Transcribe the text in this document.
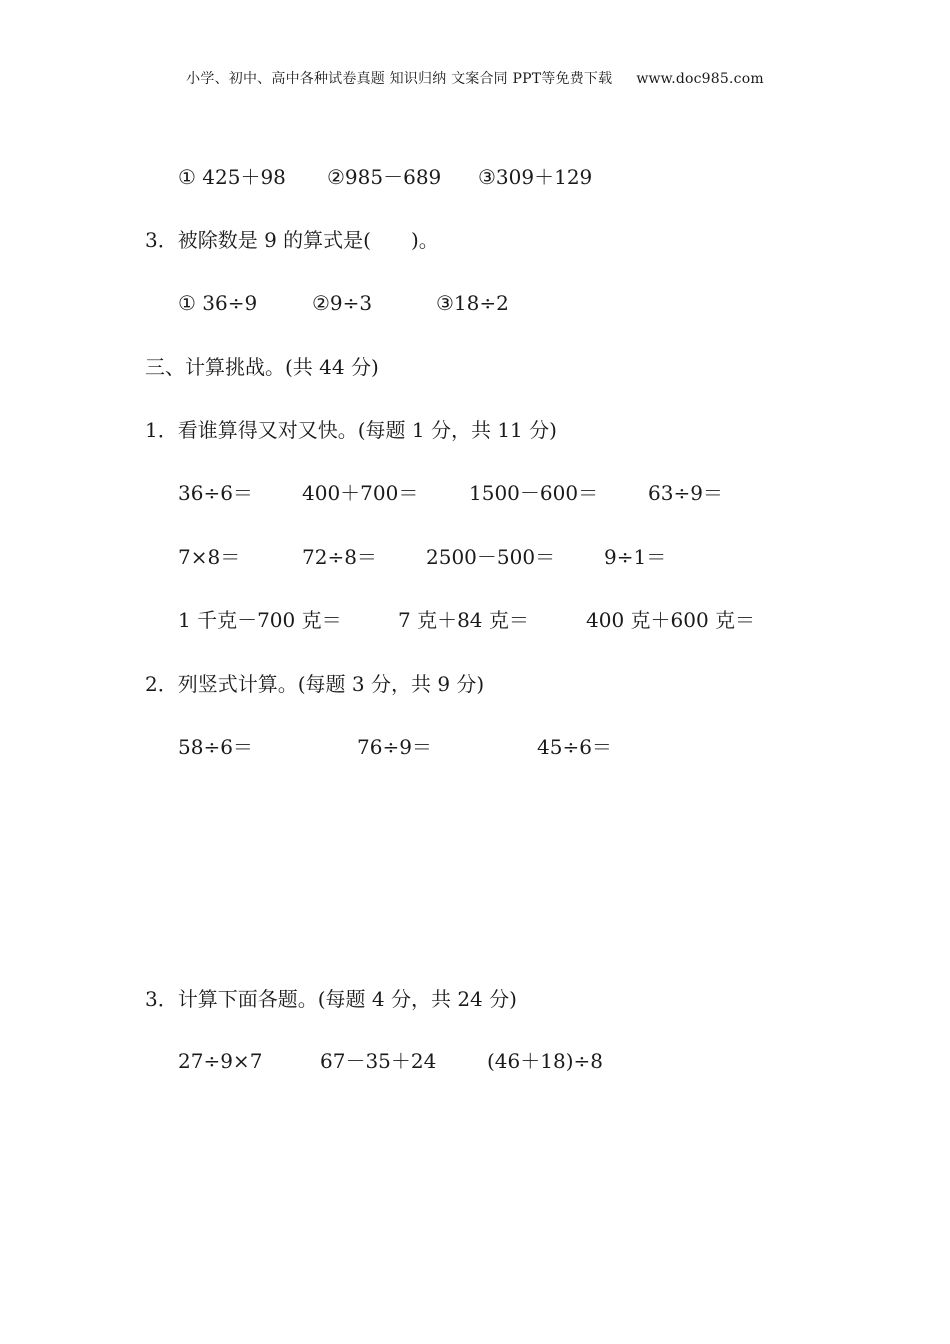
小学、初中、高中各种试卷真题 知识归纳 文案合同 PPT等免费下载 www.doc985.com
① 425＋98 ②985－689 ③309＋129
3．被除数是 9 的算式是( )。
① 36÷9	②9÷3	③18÷2
三、计算挑战。(共 44 分)
1．看谁算得又对又快。(每题 1 分，共 11 分)
36÷6＝ 400＋700＝	1500－600＝ 63÷9＝
7×8＝	72÷8＝ 2500－500＝ 9÷1＝
1 千克－700 克＝	7 克＋84 克＝	400 克＋600 克＝
2．列竖式计算。(每题 3 分，共 9 分)
58÷6＝	76÷9＝	45÷6＝
3．计算下面各题。(每题 4 分，共 24 分)
27÷9×7	67－35＋24	(46＋18)÷8
